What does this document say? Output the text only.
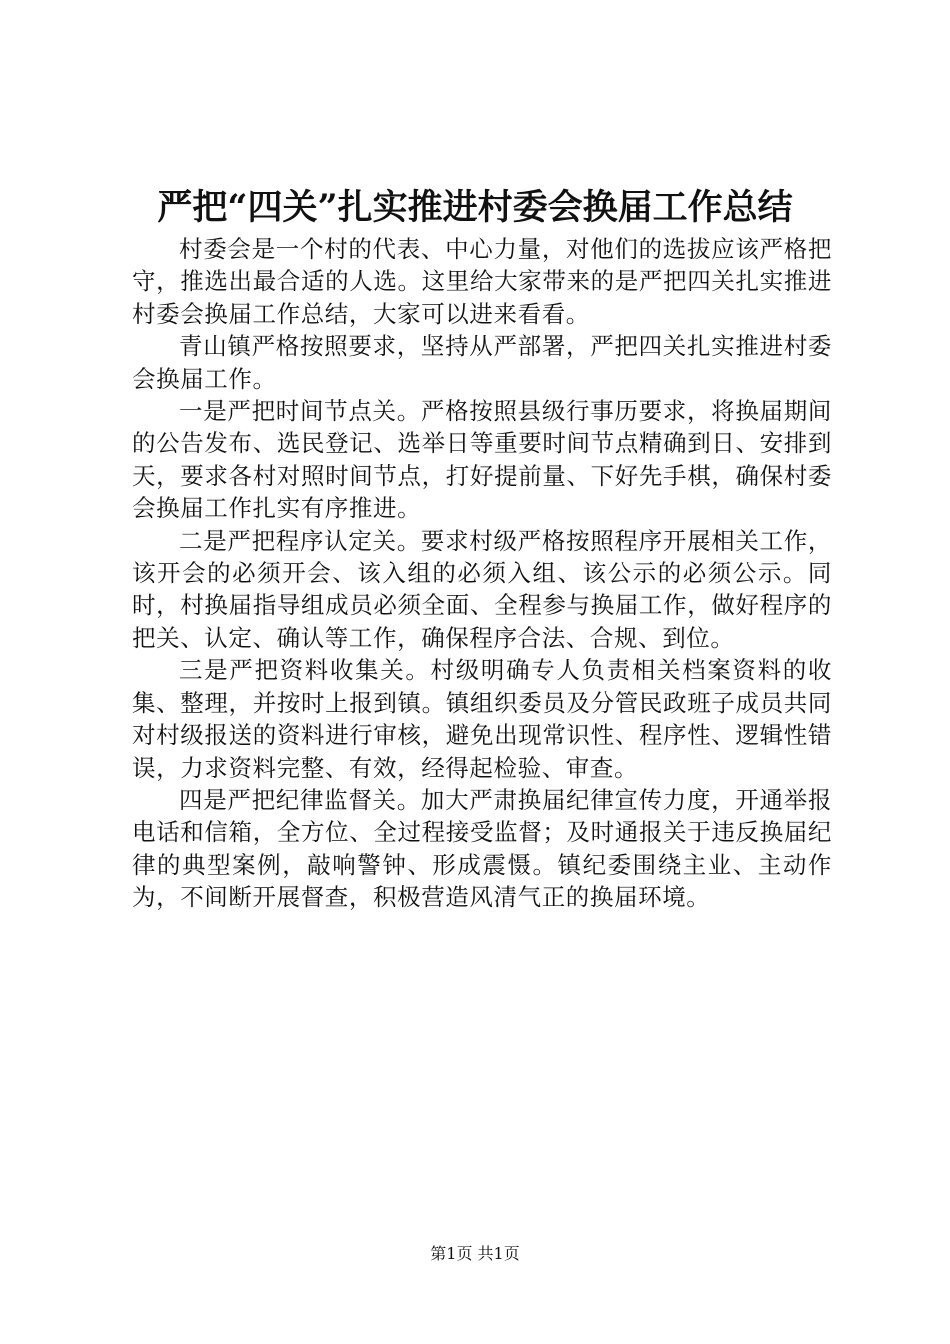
严把“四关”扎实推进村委会换届工作总结

村委会是一个村的代表、中心力量，对他们的选拔应该严格把守，推选出最合适的人选。这里给大家带来的是严把四关扎实推进村委会换届工作总结，大家可以进来看看。

青山镇严格按照要求，坚持从严部署，严把四关扎实推进村委会换届工作。

一是严把时间节点关。严格按照县级行事历要求，将换届期间的公告发布、选民登记、选举日等重要时间节点精确到日、安排到天，要求各村对照时间节点，打好提前量、下好先手棋，确保村委会换届工作扎实有序推进。

二是严把程序认定关。要求村级严格按照程序开展相关工作，该开会的必须开会、该入组的必须入组、该公示的必须公示。同时，村换届指导组成员必须全面、全程参与换届工作，做好程序的把关、认定、确认等工作，确保程序合法、合规、到位。

三是严把资料收集关。村级明确专人负责相关档案资料的收集、整理，并按时上报到镇。镇组织委员及分管民政班子成员共同对村级报送的资料进行审核，避免出现常识性、程序性、逻辑性错误，力求资料完整、有效，经得起检验、审查。

四是严把纪律监督关。加大严肃换届纪律宣传力度，开通举报电话和信箱，全方位、全过程接受监督；及时通报关于违反换届纪律的典型案例，敲响警钟、形成震慑。镇纪委围绕主业、主动作为，不间断开展督查，积极营造风清气正的换届环境。

第1页 共1页
